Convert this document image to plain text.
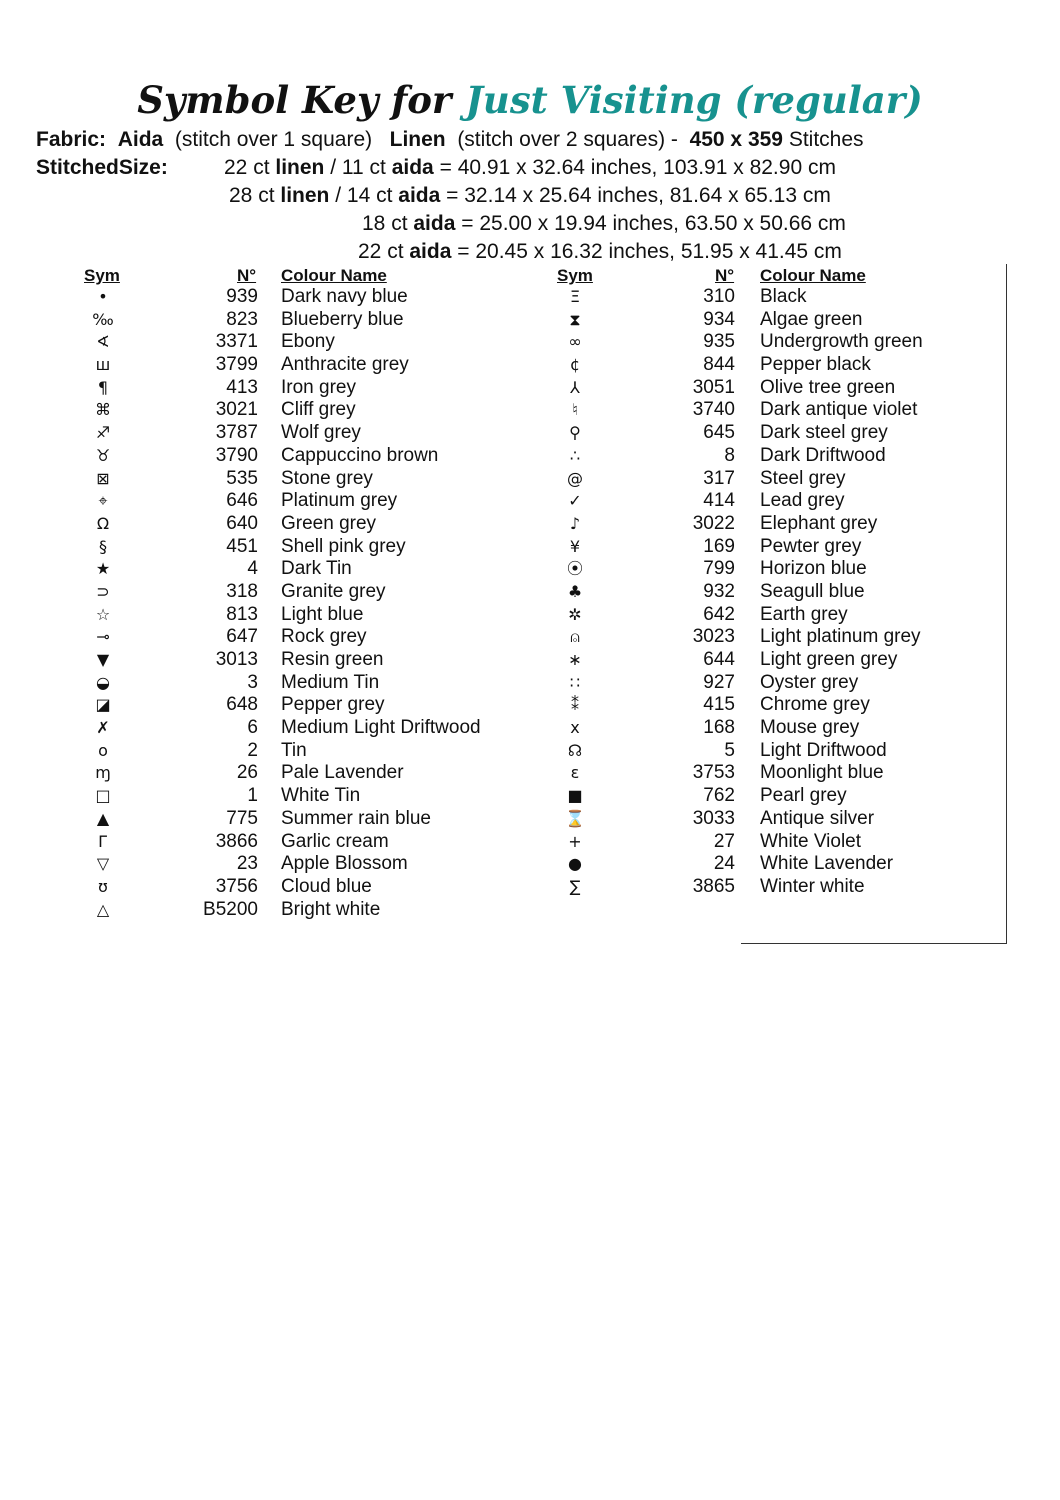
Symbol Key for Just Visiting (regular)
Fabric: Aida (stitch over 1 square) Linen (stitch over 2 squares) - 450 x 359 Stitches
StitchedSize:	22 ct linen / 11 ct aida = 40.91 x 32.64 inches, 103.91 x 82.90 cm
28 ct linen / 14 ct aida = 32.14 x 25.64 inches, 81.64 x 65.13 cm
18 ct aida = 25.00 x 19.94 inches, 63.50 x 50.66 cm
22 ct aida = 20.45 x 16.32 inches, 51.95 x 41.45 cm
Sym	N° Colour Name	Sym	N° Colour Name
•	939 Dark navy blue
‰	823 Blueberry blue
∢	3371 Ebony
ш	3799 Anthracite grey
¶	413 Iron grey
⌘	3021 Cliff grey
♐	3787 Wolf grey
♉	3790 Cappuccino brown
⊠	535 Stone grey
⌖	646 Platinum grey
Ω	640 Green grey
§	451 Shell pink grey
★	4 Dark Tin
⊃	318 Granite grey
☆	813 Light blue
⊸	647 Rock grey
▼	3013 Resin green
◒	3 Medium Tin
◪	648 Pepper grey
✗	6 Medium Light Driftwood
o	2 Tin
ɱ	26 Pale Lavender
□	1 White Tin
▲	775 Summer rain blue
Г	3866 Garlic cream
▽	23 Apple Blossom
ʊ	3756 Cloud blue
△	B5200 Bright white
Ξ	310 Black
⧗	934 Algae green
∞	935 Undergrowth green
¢	844 Pepper black
⅄	3051 Olive tree green
♮	3740 Dark antique violet
⚲	645 Dark steel grey
∴	8 Dark Driftwood
@	317 Steel grey
✓	414 Lead grey
♪	3022 Elephant grey
¥	169 Pewter grey
⦿	799 Horizon blue
♣	932 Seagull blue
✲	642 Earth grey
⍝	3023 Light platinum grey
∗	644 Light green grey
∷	927 Oyster grey
⁑	415 Chrome grey
x	168 Mouse grey
☊	5 Light Driftwood
ε	3753 Moonlight blue
■	762 Pearl grey
⌛	3033 Antique silver
+	27 White Violet
●	24 White Lavender
∑	3865 Winter white
